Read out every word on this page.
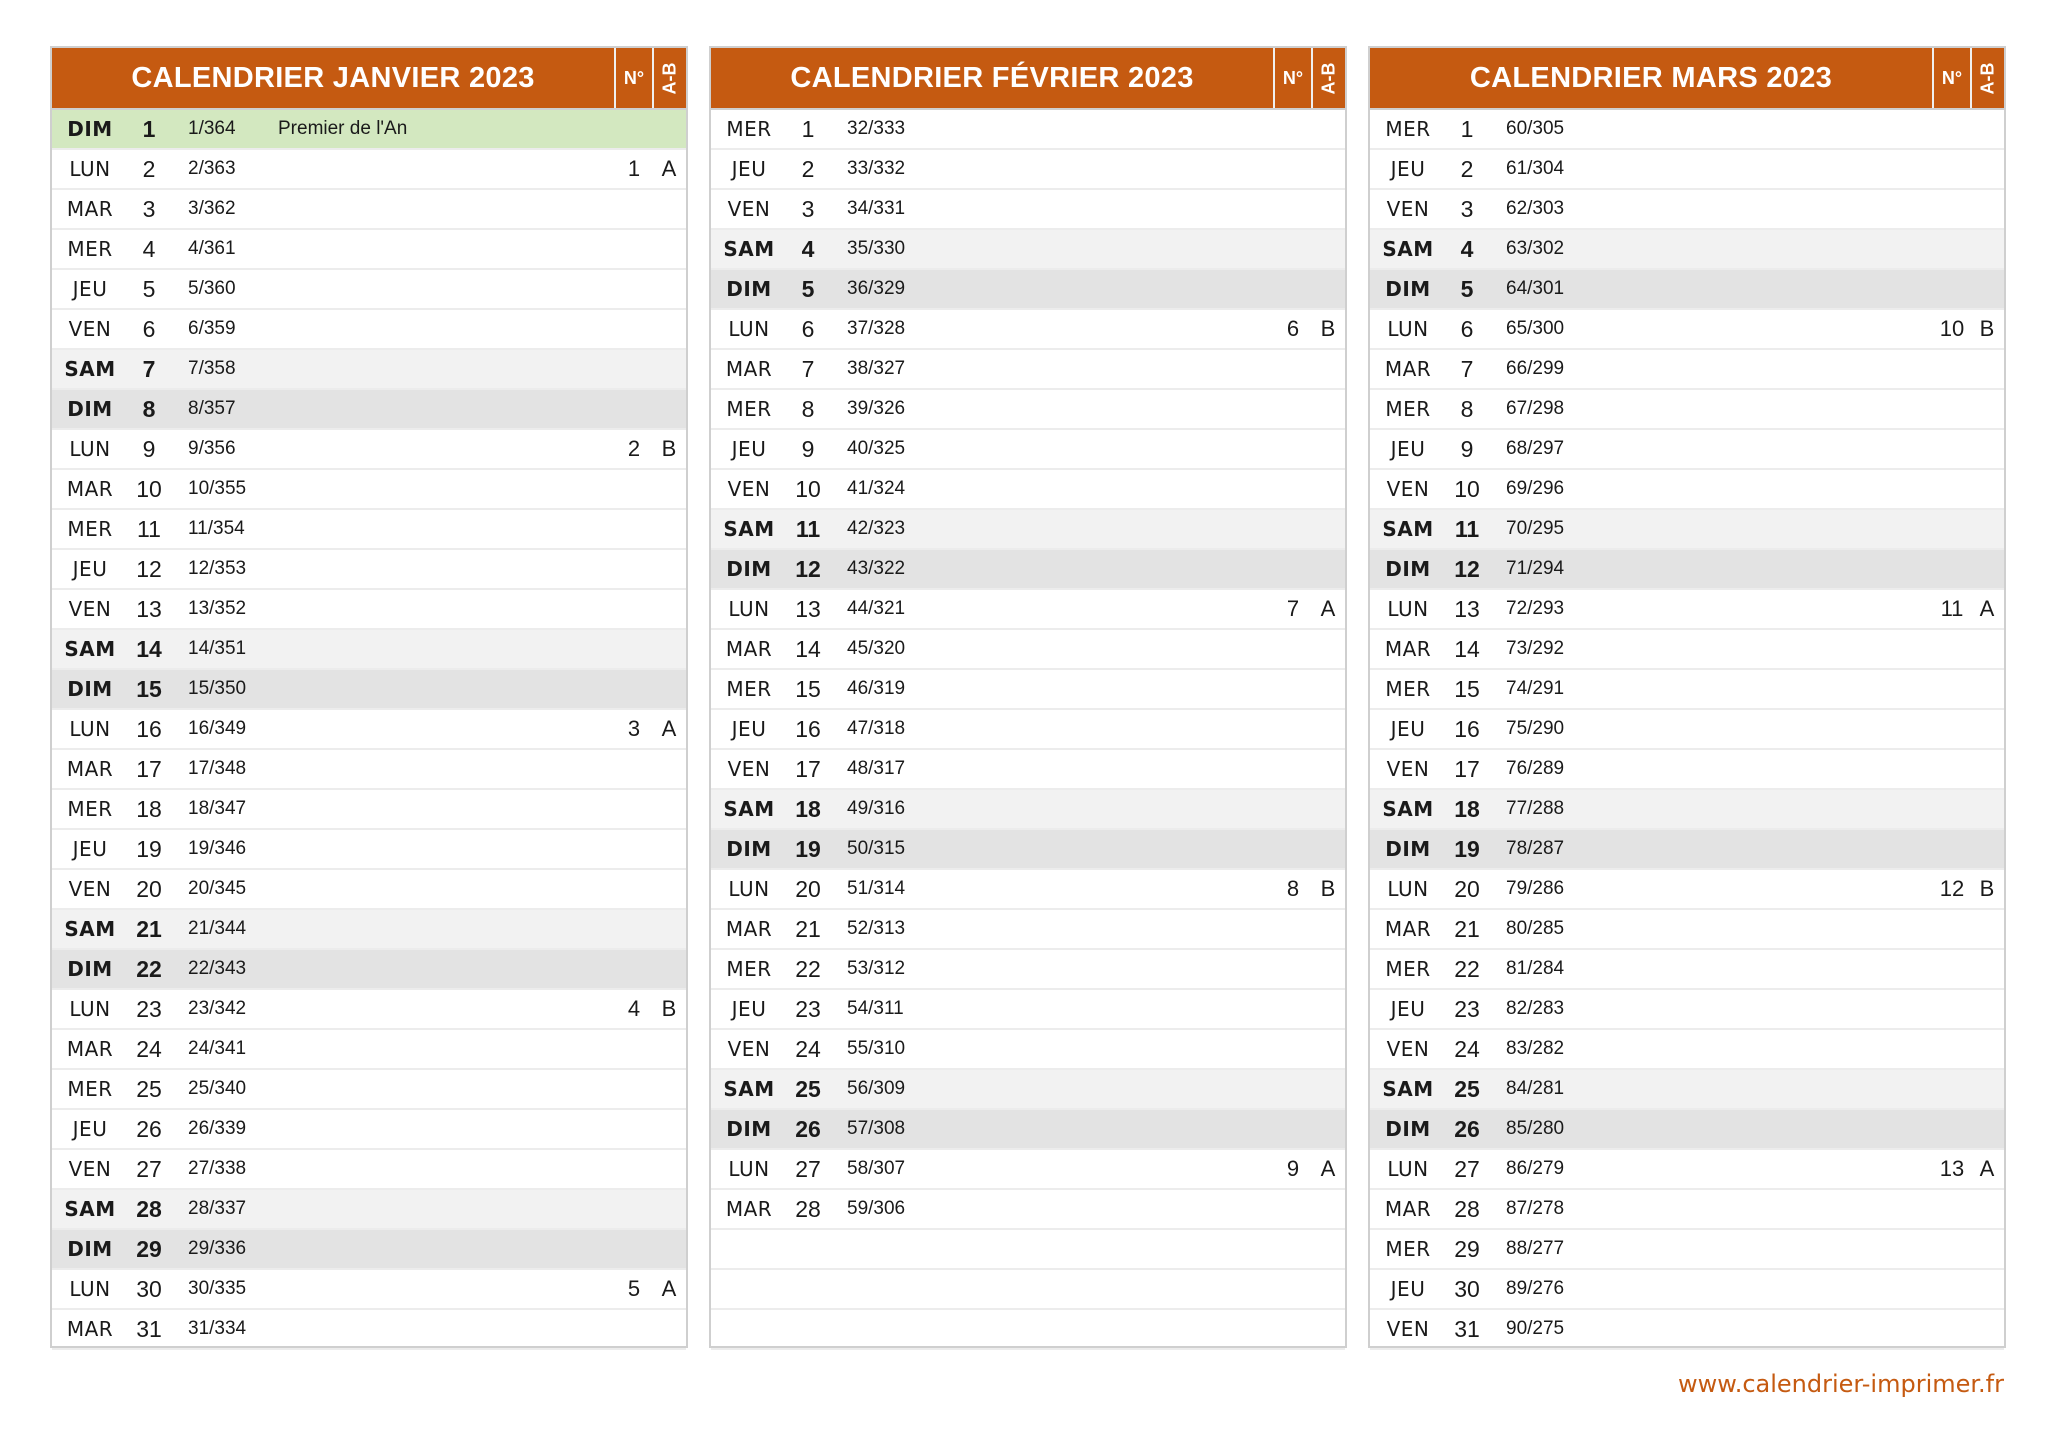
CALENDRIER JANVIER 2023	N° A-B
DIM	1	1/364	Premier de l'An
LUN	2	2/363	1 A
MAR	3	3/362
MER	4	4/361
JEU	5	5/360
VEN	6	6/359
SAM	7	7/358
DIM	8	8/357
LUN	9	9/356	2 B
MAR	10	10/355
MER	11	11/354
JEU	12	12/353
VEN	13	13/352
SAM 14	14/351
DIM	15	15/350
LUN	16	16/349	3 A
MAR	17	17/348
MER	18	18/347
JEU	19	19/346
VEN	20	20/345
SAM 21	21/344
DIM	22	22/343
LUN	23	23/342	4 B
MAR	24	24/341
MER	25	25/340
JEU	26	26/339
VEN	27	27/338
SAM 28	28/337
DIM	29	29/336
LUN	30	30/335	5 A
MAR	31	31/334
CALENDRIER FÉVRIER 2023	N° A-B
MER	1	32/333
JEU	2	33/332
VEN	3	34/331
SAM	4	35/330
DIM	5	36/329
LUN	6	37/328	6 B
MAR	7	38/327
MER	8	39/326
JEU	9	40/325
VEN	10	41/324
SAM 11	42/323
DIM	12	43/322
LUN	13	44/321	7 A
MAR	14	45/320
MER	15	46/319
JEU	16	47/318
VEN	17	48/317
SAM 18	49/316
DIM	19	50/315
LUN	20	51/314	8 B
MAR	21	52/313
MER	22	53/312
JEU	23	54/311
VEN	24	55/310
SAM 25	56/309
DIM	26	57/308
LUN	27	58/307	9 A
MAR	28	59/306
CALENDRIER MARS 2023	N° A-B
MER	1	60/305
JEU	2	61/304
VEN	3	62/303
SAM	4	63/302
DIM	5	64/301
LUN	6	65/300	10 B
MAR	7	66/299
MER	8	67/298
JEU	9	68/297
VEN	10	69/296
SAM 11	70/295
DIM	12	71/294
LUN	13	72/293	11 A
MAR	14	73/292
MER	15	74/291
JEU	16	75/290
VEN	17	76/289
SAM 18	77/288
DIM	19	78/287
LUN	20	79/286	12 B
MAR	21	80/285
MER	22	81/284
JEU	23	82/283
VEN	24	83/282
SAM 25	84/281
DIM	26	85/280
LUN	27	86/279	13 A
MAR	28	87/278
MER	29	88/277
JEU	30	89/276
VEN	31	90/275
www.calendrier-imprimer.fr
